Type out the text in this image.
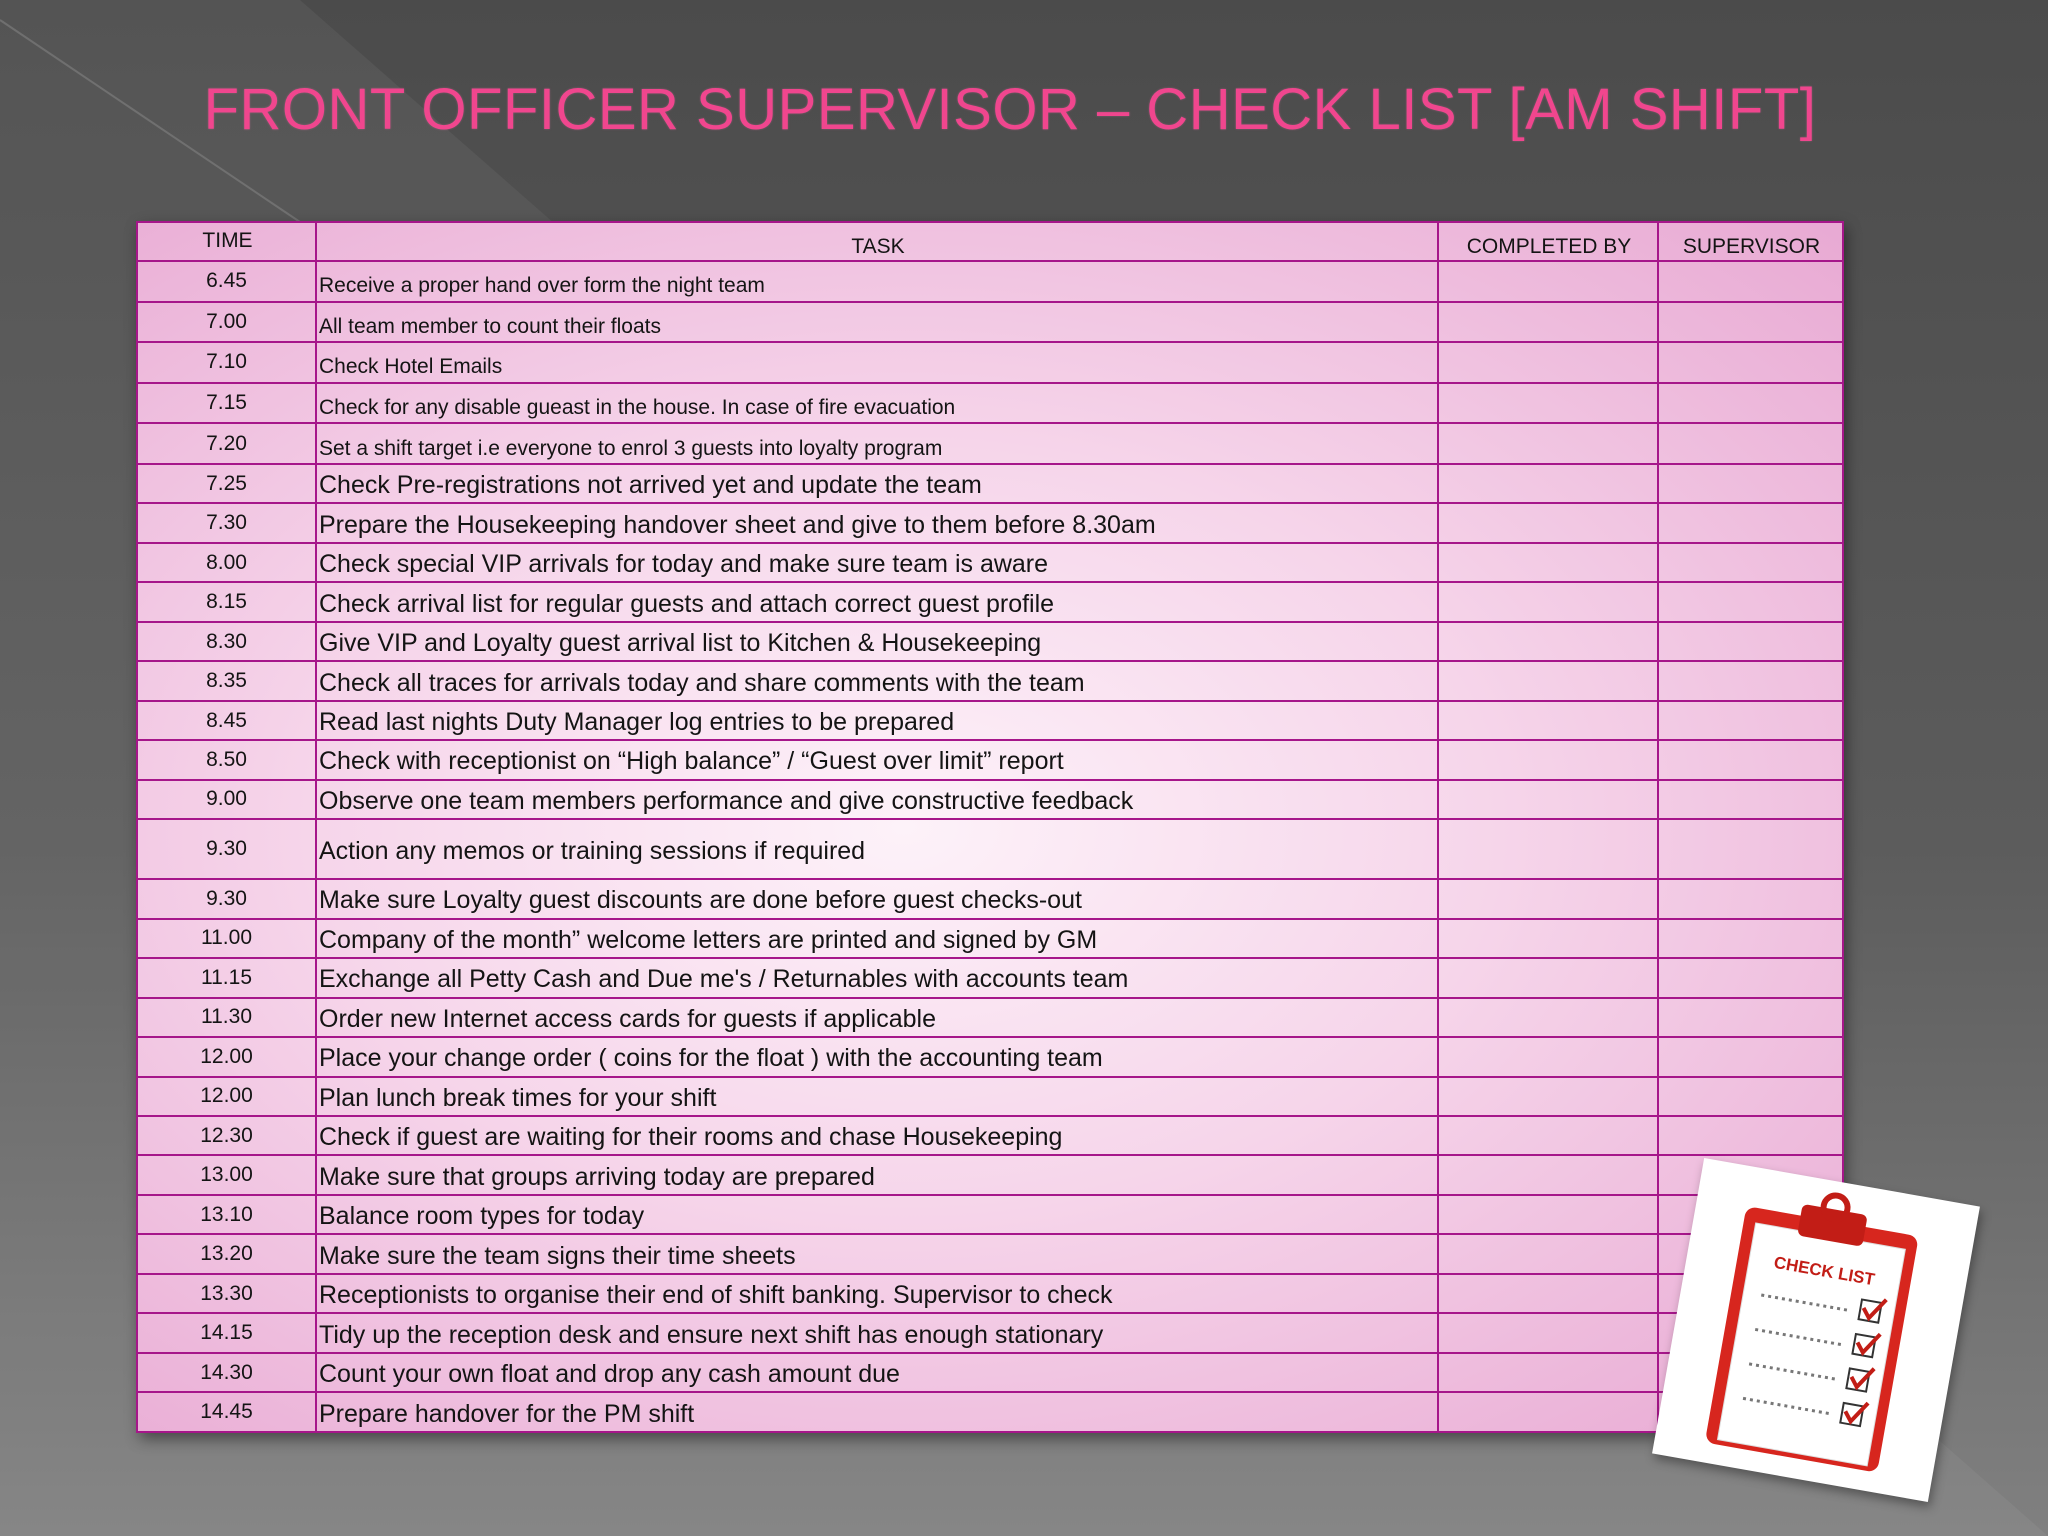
FRONT OFFICER SUPERVISOR – CHECK LIST [AM SHIFT]
TIME	TASK	COMPLETED BY	SUPERVISOR
6.45	Receive a proper hand over form the night team		
7.00	All team member to count their floats		
7.10	Check Hotel Emails		
7.15	Check for any disable gueast in the house. In case of fire evacuation		
7.20	Set a shift target i.e everyone to enrol 3 guests into loyalty program		
7.25	Check Pre-registrations not arrived yet and update the team		
7.30	Prepare the Housekeeping handover sheet and give to them before 8.30am		
8.00	Check special VIP arrivals for today and make sure team is aware		
8.15	Check arrival list for regular guests and attach correct guest profile		
8.30	Give VIP and Loyalty guest arrival list to Kitchen & Housekeeping		
8.35	Check all traces for arrivals today and share comments with the team		
8.45	Read last nights Duty Manager log entries to be prepared		
8.50	Check with receptionist on “High balance” / “Guest over limit” report		
9.00	Observe one team members performance and give constructive feedback		
9.30	Action any memos or training sessions if required		
9.30	Make sure Loyalty guest discounts are done before guest checks-out		
11.00	Company of the month” welcome letters are printed and signed by GM		
11.15	Exchange all Petty Cash and Due me's / Returnables with accounts team		
11.30	Order new Internet access cards for guests if applicable		
12.00	Place your change order ( coins for the float ) with the accounting team		
12.00	Plan lunch break times for your shift		
12.30	Check if guest are waiting for their rooms and chase Housekeeping		
13.00	Make sure that groups arriving today are prepared		
13.10	Balance room types for today		
13.20	Make sure the team signs their time sheets		
13.30	Receptionists to organise their end of shift banking. Supervisor to check		
14.15	Tidy up the reception desk and ensure next shift has enough stationary		
14.30	Count your own float and drop any cash amount due		
14.45	Prepare handover for the PM shift		
CHECK LIST
